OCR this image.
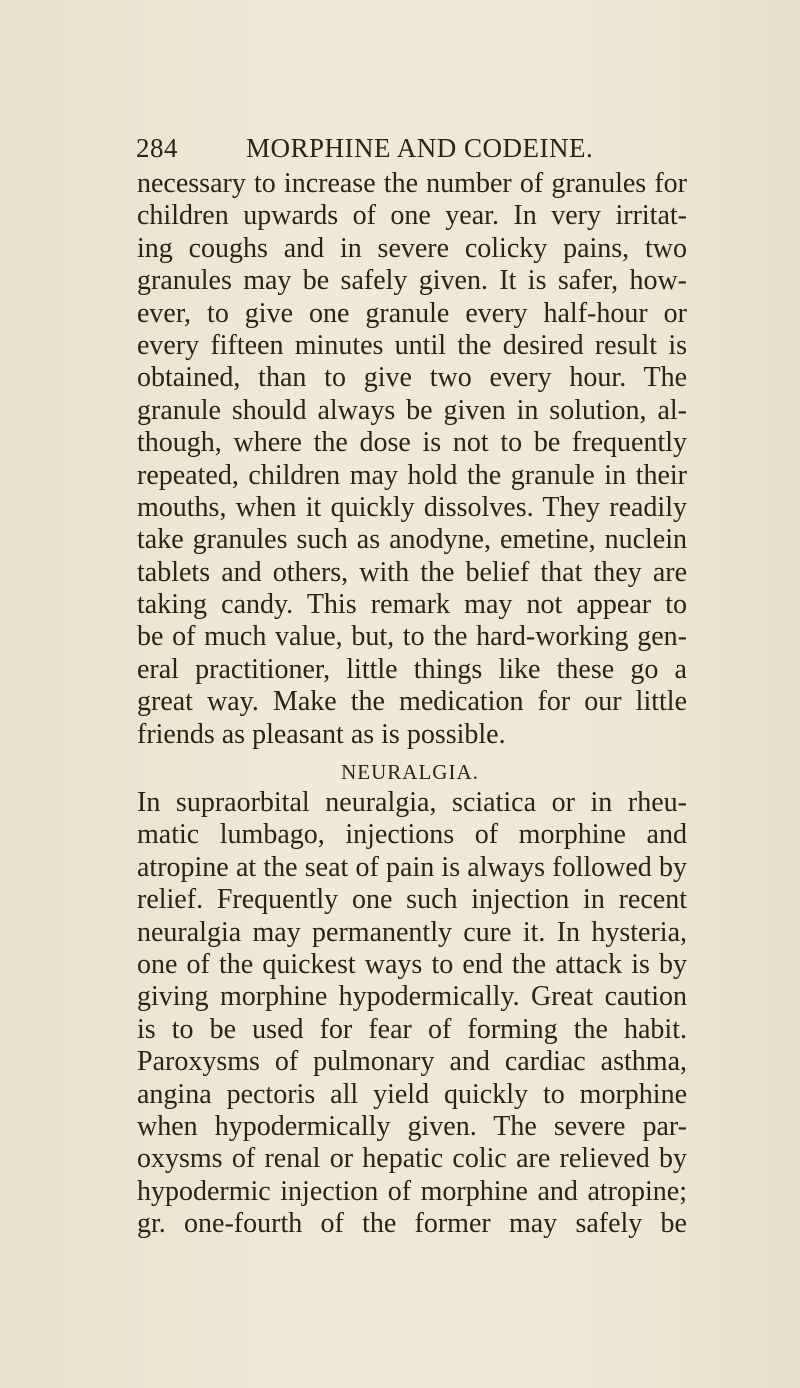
284	MORPHINE AND CODEINE.
necessary to increase the number of granules for
children upwards of one year. In very irritat-
ing coughs and in severe colicky pains, two
granules may be safely given. It is safer, how-
ever, to give one granule every half-hour or
every fifteen minutes until the desired result is
obtained, than to give two every hour. The
granule should always be given in solution, al-
though, where the dose is not to be frequently
repeated, children may hold the granule in their
mouths, when it quickly dissolves. They readily
take granules such as anodyne, emetine, nuclein
tablets and others, with the belief that they are
taking candy. This remark may not appear to
be of much value, but, to the hard-working gen-
eral practitioner, little things like these go a
great way. Make the medication for our little
friends as pleasant as is possible.
NEURALGIA.
In supraorbital neuralgia, sciatica or in rheu-
matic lumbago, injections of morphine and
atropine at the seat of pain is always followed by
relief. Frequently one such injection in recent
neuralgia may permanently cure it. In hysteria,
one of the quickest ways to end the attack is by
giving morphine hypodermically. Great caution
is to be used for fear of forming the habit.
Paroxysms of pulmonary and cardiac asthma,
angina pectoris all yield quickly to morphine
when hypodermically given. The severe par-
oxysms of renal or hepatic colic are relieved by
hypodermic injection of morphine and atropine;
gr. one-fourth of the former may safely be
